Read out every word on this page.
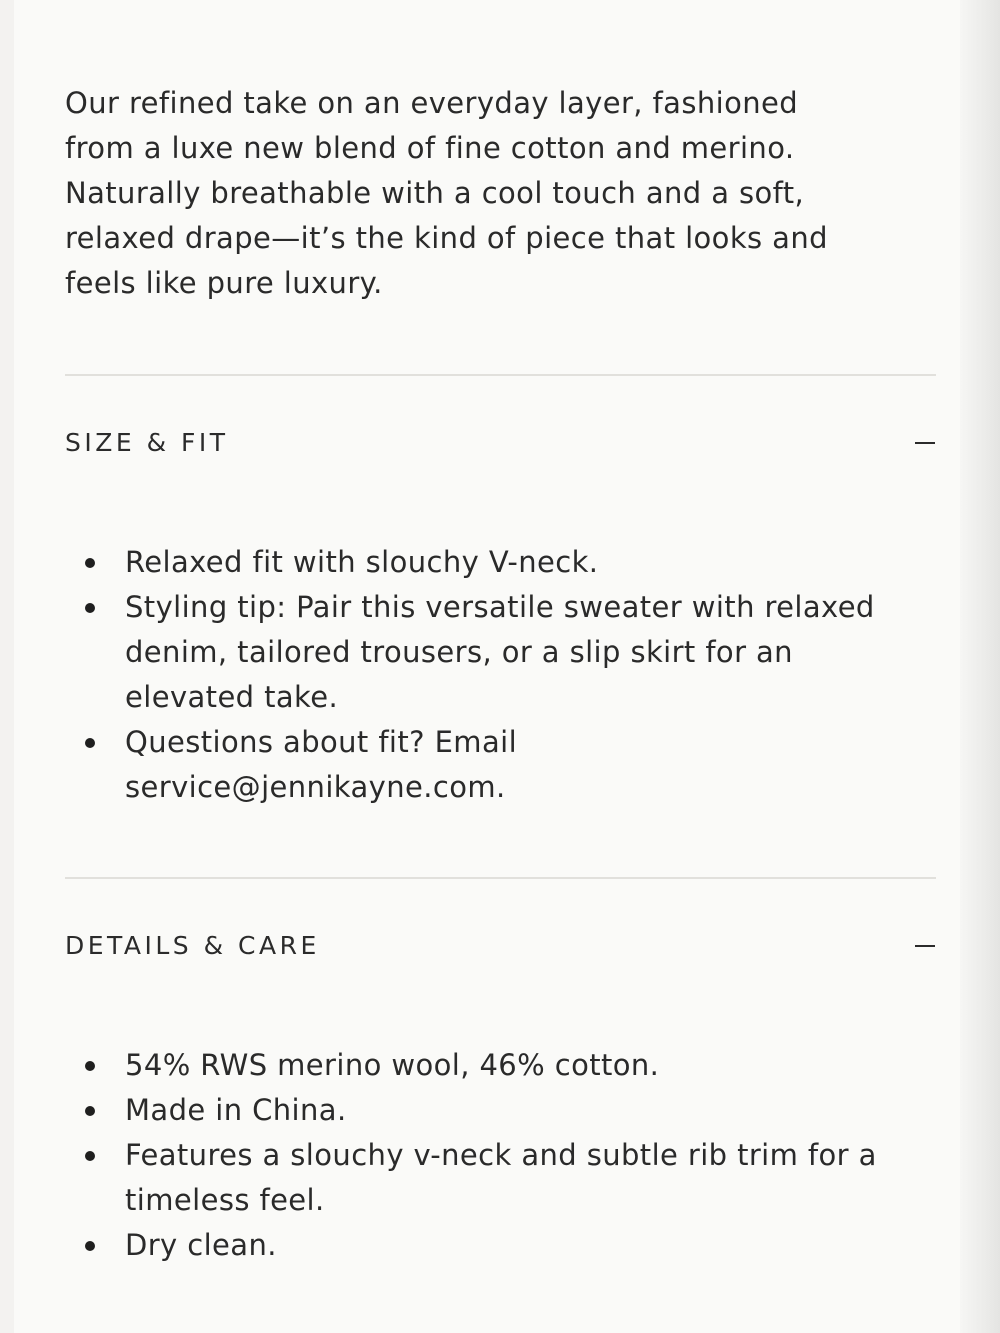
Our refined take on an everyday layer, fashioned from a luxe new blend of fine cotton and merino. Naturally breathable with a cool touch and a soft, relaxed drape—it’s the kind of piece that looks and feels like pure luxury.

SIZE & FIT
Relaxed fit with slouchy V-neck.
Styling tip: Pair this versatile sweater with relaxed denim, tailored trousers, or a slip skirt for an elevated take.
Questions about fit? Email service@jennikayne.com.
DETAILS & CARE
54% RWS merino wool, 46% cotton.
Made in China.
Features a slouchy v-neck and subtle rib trim for a timeless feel.
Dry clean.
